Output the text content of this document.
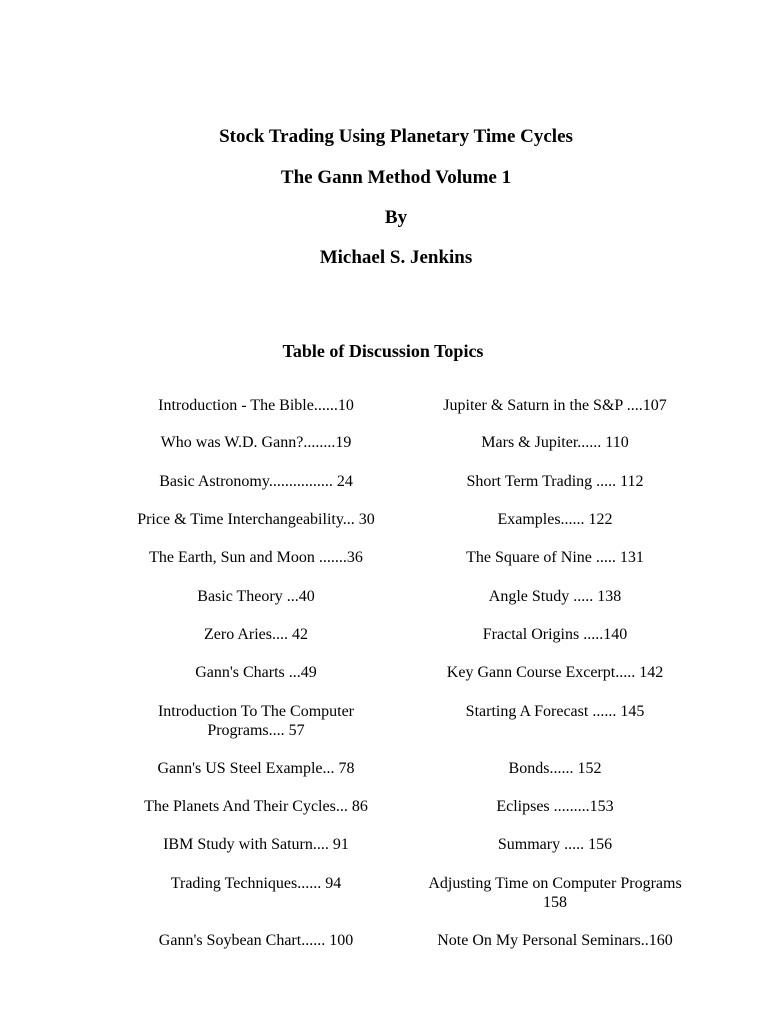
Stock Trading Using Planetary Time Cycles
The Gann Method Volume 1
By
Michael S. Jenkins
Table of Discussion Topics
Introduction - The Bible......10
Who was W.D. Gann?........19
Basic Astronomy................ 24
Price & Time Interchangeability... 30
The Earth, Sun and Moon .......36
Basic Theory ...40
Zero Aries.... 42
Gann's Charts ...49
Introduction To The Computer
Programs.... 57
Gann's US Steel Example... 78
The Planets And Their Cycles... 86
IBM Study with Saturn.... 91
Trading Techniques...... 94
Gann's Soybean Chart...... 100
Jupiter & Saturn in the S&P ....107
Mars & Jupiter...... 110
Short Term Trading ..... 112
Examples...... 122
The Square of Nine ..... 131
Angle Study ..... 138
Fractal Origins .....140
Key Gann Course Excerpt..... 142
Starting A Forecast ...... 145
Bonds...... 152
Eclipses .........153
Summary ..... 156
Adjusting Time on Computer Programs
158
Note On My Personal Seminars..160
